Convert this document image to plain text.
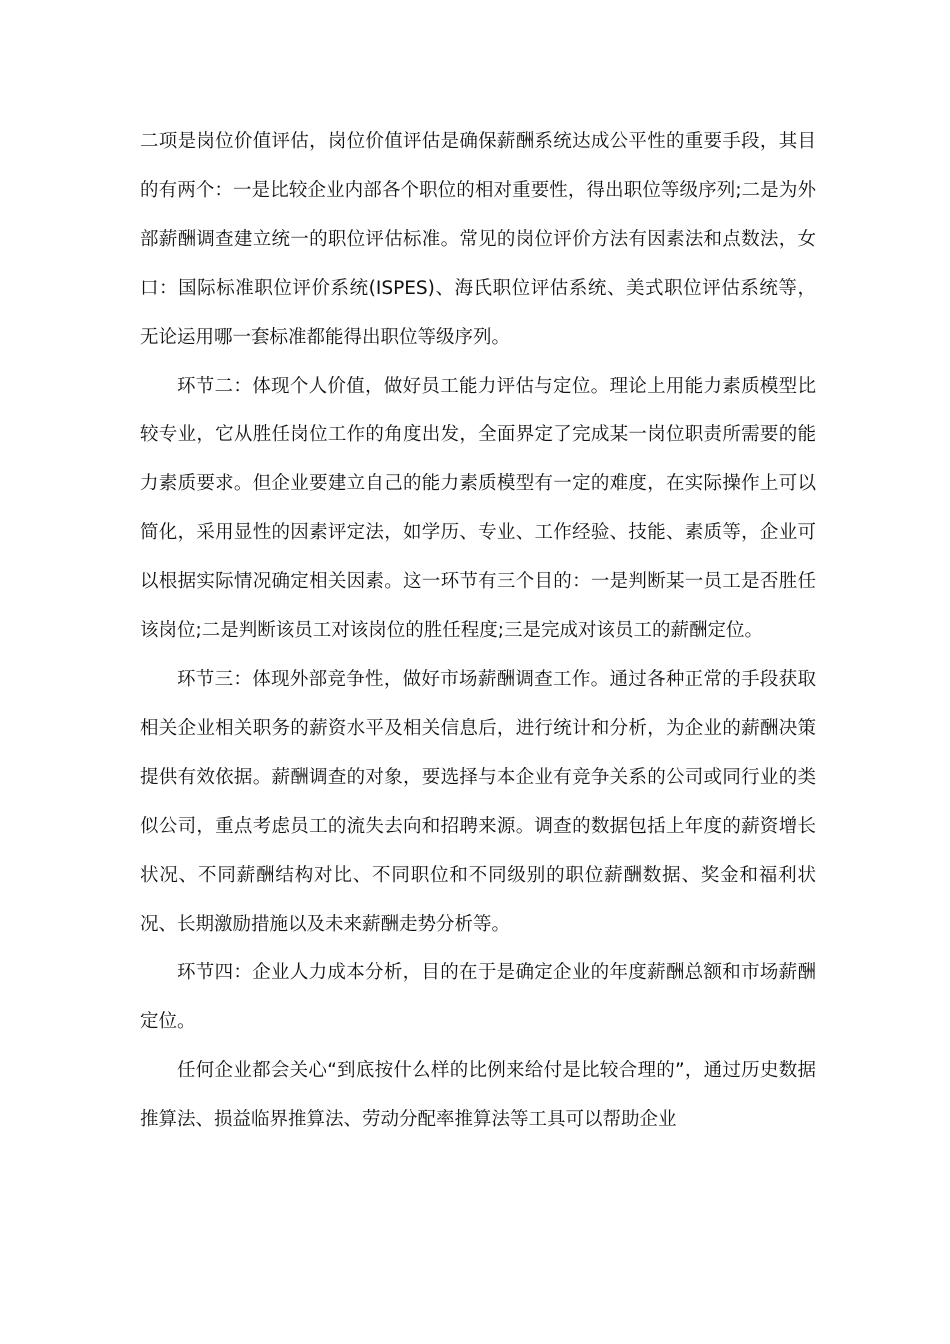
二项是岗位价值评估，岗位价值评估是确保薪酬系统达成公平性的重要手段，其目的有两个：一是比较企业内部各个职位的相对重要性，得出职位等级序列;二是为外部薪酬调查建立统一的职位评估标准。常见的岗位评价方法有因素法和点数法，女口：国际标准职位评价系统(ISPES)、海氏职位评估系统、美式职位评估系统等，无论运用哪一套标准都能得出职位等级序列。

环节二：体现个人价值，做好员工能力评估与定位。理论上用能力素质模型比较专业，它从胜任岗位工作的角度出发，全面界定了完成某一岗位职责所需要的能力素质要求。但企业要建立自己的能力素质模型有一定的难度，在实际操作上可以简化，采用显性的因素评定法，如学历、专业、工作经验、技能、素质等，企业可以根据实际情况确定相关因素。这一环节有三个目的：一是判断某一员工是否胜任该岗位;二是判断该员工对该岗位的胜任程度;三是完成对该员工的薪酬定位。

环节三：体现外部竞争性，做好市场薪酬调查工作。通过各种正常的手段获取相关企业相关职务的薪资水平及相关信息后，进行统计和分析，为企业的薪酬决策提供有效依据。薪酬调查的对象，要选择与本企业有竞争关系的公司或同行业的类似公司，重点考虑员工的流失去向和招聘来源。调查的数据包括上年度的薪资增长状况、不同薪酬结构对比、不同职位和不同级别的职位薪酬数据、奖金和福利状况、长期激励措施以及未来薪酬走势分析等。

环节四：企业人力成本分析，目的在于是确定企业的年度薪酬总额和市场薪酬定位。

任何企业都会关心“到底按什么样的比例来给付是比较合理的”，通过历史数据推算法、损益临界推算法、劳动分配率推算法等工具可以帮助企业
